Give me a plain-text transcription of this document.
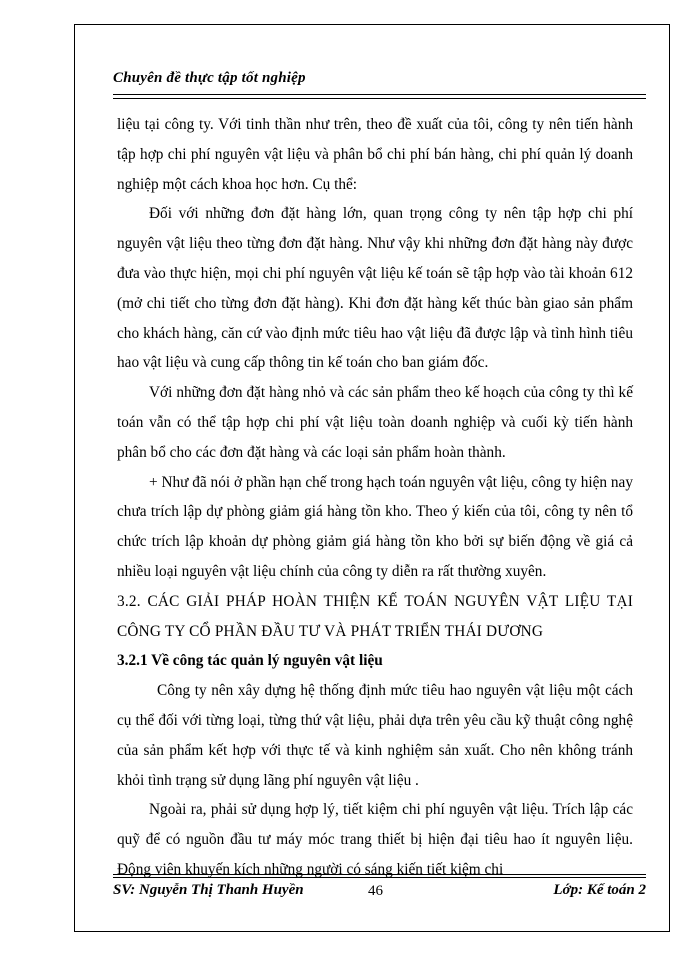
Chuyên đề thực tập tốt nghiệp

liệu tại công ty. Với tinh thần như trên, theo đề xuất của tôi, công ty nên tiến hành tập hợp chi phí nguyên vật liệu và phân bổ chi phí bán hàng, chi phí quản lý doanh nghiệp một cách khoa học hơn. Cụ thể:

Đối với những đơn đặt hàng lớn, quan trọng công ty nên tập hợp chi phí nguyên vật liệu theo từng đơn đặt hàng. Như vậy khi những đơn đặt hàng này được đưa vào thực hiện, mọi chi phí nguyên vật liệu kế toán sẽ tập hợp vào tài khoản 612 (mở chi tiết cho từng đơn đặt hàng). Khi đơn đặt hàng kết thúc bàn giao sản phẩm cho khách hàng, căn cứ vào định mức tiêu hao vật liệu đã được lập và tình hình tiêu hao vật liệu và cung cấp thông tin kế toán cho ban giám đốc.

Với những đơn đặt hàng nhỏ và các sản phẩm theo kế hoạch của công ty thì kế toán vẫn có thể tập hợp chi phí vật liệu toàn doanh nghiệp và cuối kỳ tiến hành phân bổ cho các đơn đặt hàng và các loại sản phẩm hoàn thành.

+ Như đã nói ở phần hạn chế trong hạch toán nguyên vật liệu, công ty hiện nay chưa trích lập dự phòng giảm giá hàng tồn kho. Theo ý kiến của tôi, công ty nên tổ chức trích lập khoản dự phòng giảm giá hàng tồn kho bởi sự biến động về giá cả nhiều loại nguyên vật liệu chính của công ty diễn ra rất thường xuyên.

3.2. CÁC GIẢI PHÁP HOÀN THIỆN KẾ TOÁN NGUYÊN VẬT LIỆU TẠI CÔNG TY CỔ PHẦN ĐẦU TƯ VÀ PHÁT TRIỂN THÁI DƯƠNG

3.2.1 Về công tác quản lý nguyên vật liệu

Công ty nên xây dựng hệ thống định mức tiêu hao nguyên vật liệu một cách cụ thể đối với từng loại, từng thứ vật liệu, phải dựa trên yêu cầu kỹ thuật công nghệ của sản phẩm kết hợp với thực tế và kinh nghiệm sản xuất. Cho nên không tránh khỏi tình trạng sử dụng lãng phí nguyên vật liệu .

Ngoài ra, phải sử dụng hợp lý, tiết kiệm chi phí nguyên vật liệu. Trích lập các quỹ để có nguồn đầu tư máy móc trang thiết bị hiện đại tiêu hao ít nguyên liệu. Động viên khuyến kích những người có sáng kiến tiết kiệm chi

SV: Nguyễn Thị Thanh Huyền	46	Lớp: Kế toán 2
